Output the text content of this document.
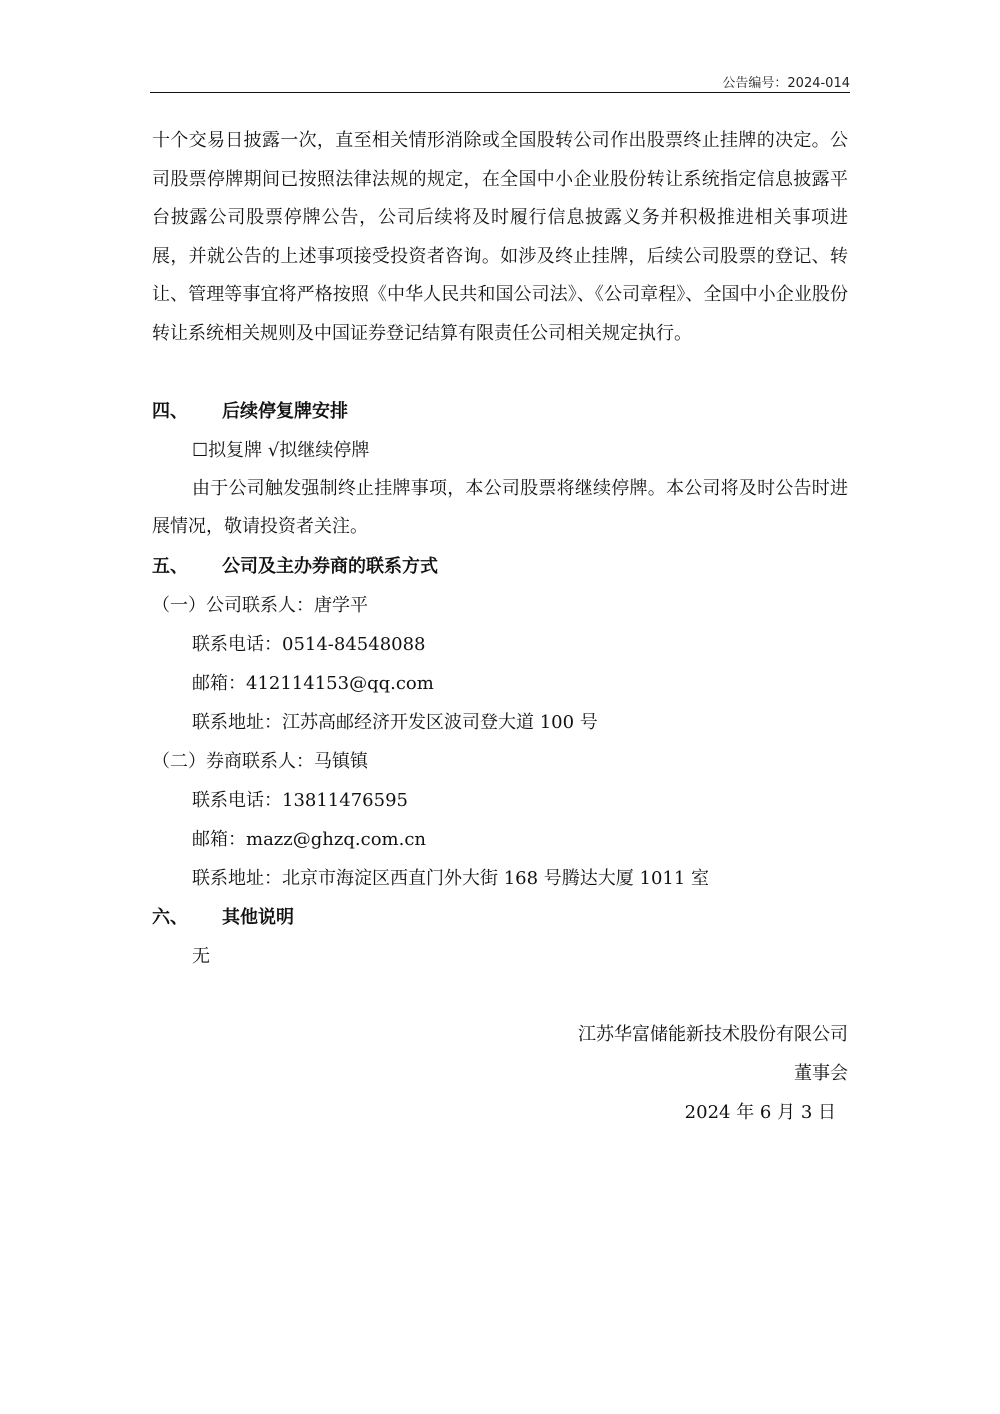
公告编号：2024-014

十个交易日披露一次，直至相关情形消除或全国股转公司作出股票终止挂牌的决定。公司股票停牌期间已按照法律法规的规定，在全国中小企业股份转让系统指定信息披露平台披露公司股票停牌公告，公司后续将及时履行信息披露义务并积极推进相关事项进展，并就公告的上述事项接受投资者咨询。如涉及终止挂牌，后续公司股票的登记、转让、管理等事宜将严格按照《中华人民共和国公司法》、《公司章程》、全国中小企业股份转让系统相关规则及中国证券登记结算有限责任公司相关规定执行。

四、	后续停复牌安排
☐拟复牌 √拟继续停牌

由于公司触发强制终止挂牌事项，本公司股票将继续停牌。本公司将及时公告时进展情况，敬请投资者关注。

五、	公司及主办券商的联系方式
（一）公司联系人：唐学平
联系电话：0514-84548088
邮箱：412114153@qq.com
联系地址：江苏高邮经济开发区波司登大道 100 号
（二）券商联系人：马镇镇
联系电话：13811476595
邮箱：mazz@ghzq.com.cn
联系地址：北京市海淀区西直门外大街 168 号腾达大厦 1011 室
六、	其他说明
无
江苏华富储能新技术股份有限公司
董事会
2024 年 6 月 3 日
